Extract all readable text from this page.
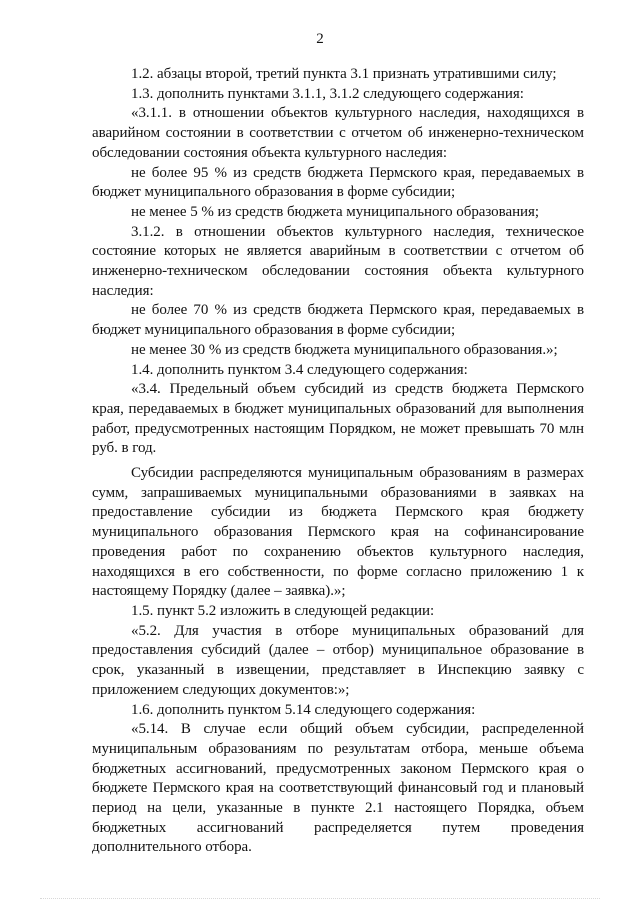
2

1.2. абзацы второй, третий пункта 3.1 признать утратившими силу;

1.3. дополнить пунктами 3.1.1, 3.1.2 следующего содержания:

«3.1.1. в отношении объектов культурного наследия, находящихся в аварийном состоянии в соответствии с отчетом об инженерно-техническом обследовании состояния объекта культурного наследия:

не более 95 % из средств бюджета Пермского края, передаваемых в бюджет муниципального образования в форме субсидии;

не менее 5 % из средств бюджета муниципального образования;

3.1.2. в отношении объектов культурного наследия, техническое состояние которых не является аварийным в соответствии с отчетом об инженерно-техническом обследовании состояния объекта культурного наследия:

не более 70 % из средств бюджета Пермского края, передаваемых в бюджет муниципального образования в форме субсидии;

не менее 30 % из средств бюджета муниципального образования.»;

1.4. дополнить пунктом 3.4 следующего содержания:

«3.4. Предельный объем субсидий из средств бюджета Пермского края, передаваемых в бюджет муниципальных образований для выполнения работ, предусмотренных настоящим Порядком, не может превышать 70 млн руб. в год.

Субсидии распределяются муниципальным образованиям в размерах сумм, запрашиваемых муниципальными образованиями в заявках на предоставление субсидии из бюджета Пермского края бюджету муниципального образования Пермского края на софинансирование проведения работ по сохранению объектов культурного наследия, находящихся в его собственности, по форме согласно приложению 1 к настоящему Порядку (далее – заявка).»;

1.5. пункт 5.2 изложить в следующей редакции:

«5.2. Для участия в отборе муниципальных образований для предоставления субсидий (далее – отбор) муниципальное образование в срок, указанный в извещении, представляет в Инспекцию заявку с приложением следующих документов:»;

1.6. дополнить пунктом 5.14 следующего содержания:

«5.14. В случае если общий объем субсидии, распределенной муниципальным образованиям по результатам отбора, меньше объема бюджетных ассигнований, предусмотренных законом Пермского края о бюджете Пермского края на соответствующий финансовый год и плановый период на цели, указанные в пункте 2.1 настоящего Порядка, объем бюджетных ассигнований распределяется путем проведения дополнительного отбора.
